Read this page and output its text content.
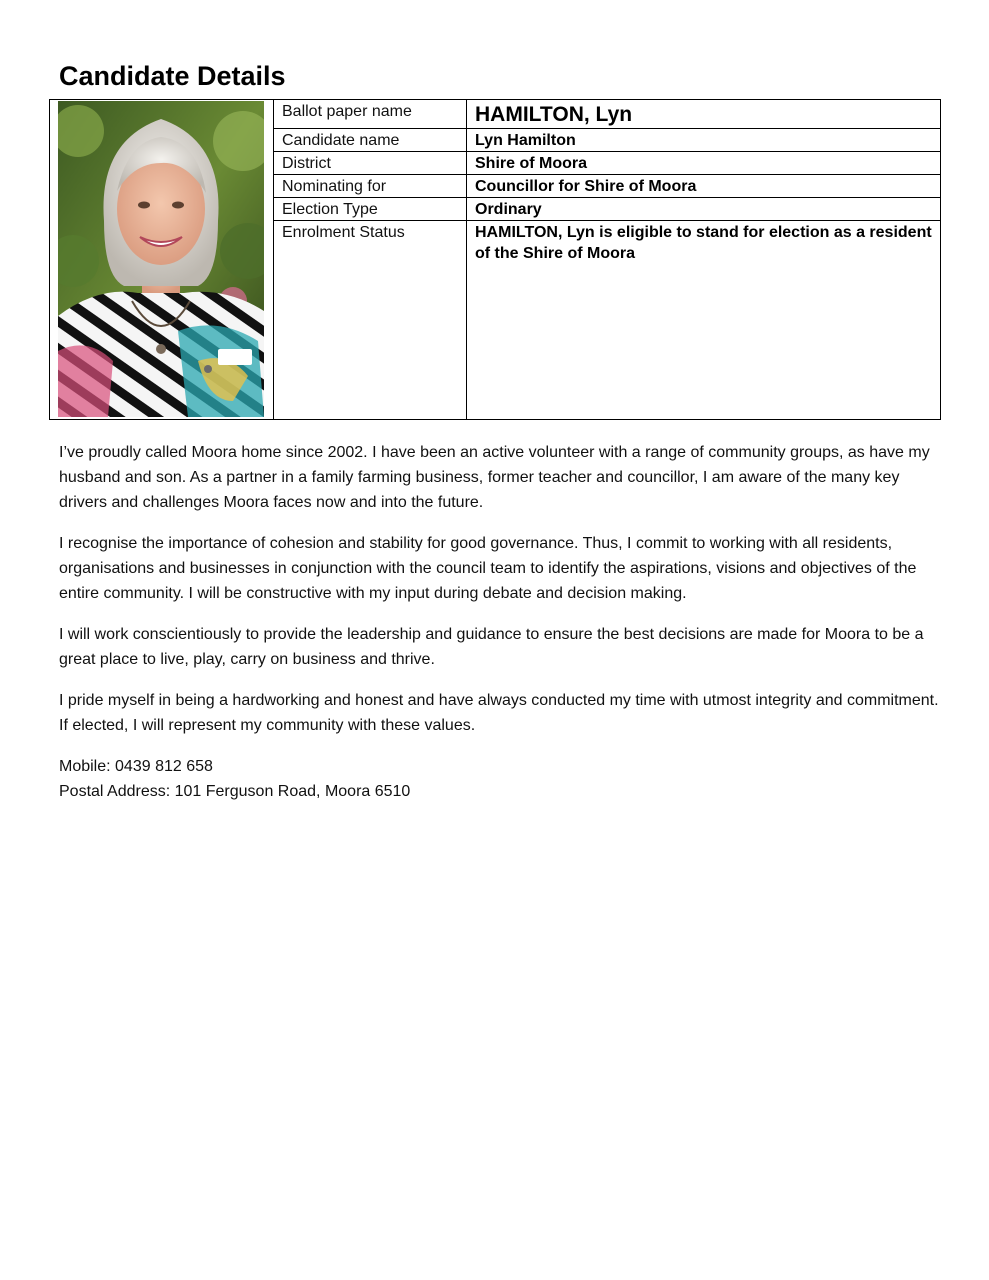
Candidate Details
	Ballot paper name	HAMILTON, Lyn
	Candidate name	Lyn Hamilton
	District	Shire of Moora
	Nominating for	Councillor for Shire of Moora
	Election Type	Ordinary
	Enrolment Status	HAMILTON, Lyn is eligible to stand for election as a resident of the Shire of Moora

I’ve proudly called Moora home since 2002. I have been an active volunteer with a range of community groups, as have my husband and son. As a partner in a family farming business, former teacher and councillor, I am aware of the many key drivers and challenges Moora faces now and into the future.

I recognise the importance of cohesion and stability for good governance. Thus, I commit to working with all residents, organisations and businesses in conjunction with the council team to identify the aspirations, visions and objectives of the entire community. I will be constructive with my input during debate and decision making.

I will work conscientiously to provide the leadership and guidance to ensure the best decisions are made for Moora to be a great place to live, play, carry on business and thrive.

I pride myself in being a hardworking and honest and have always conducted my time with utmost integrity and commitment. If elected, I will represent my community with these values.

Mobile: 0439 812 658
Postal Address: 101 Ferguson Road, Moora 6510
